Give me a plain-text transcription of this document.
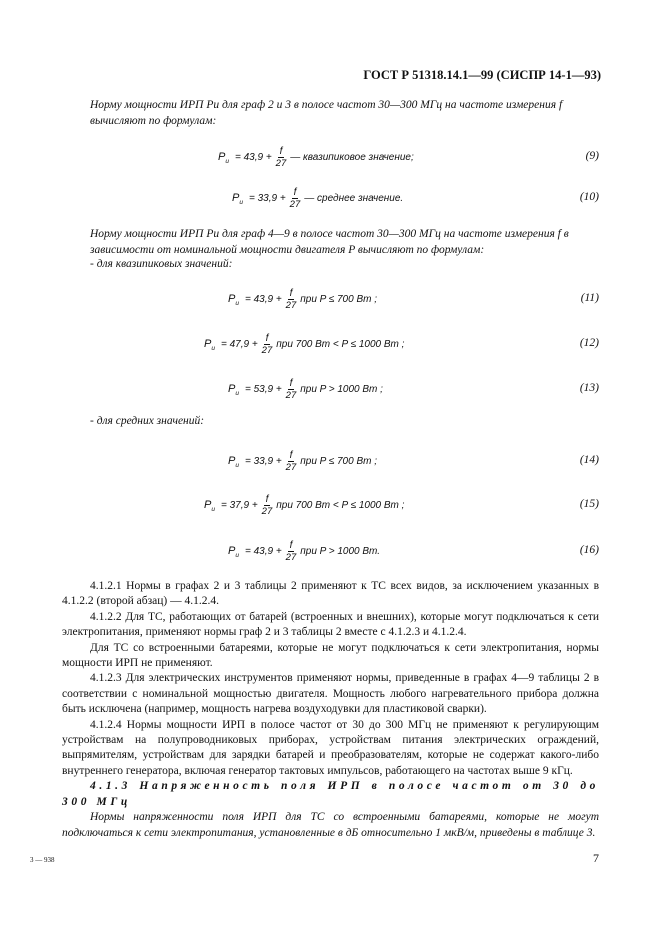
ГОСТ Р 51318.14.1—99 (СИСПР 14-1—93)
Норму мощности ИРП Pи для граф 2 и 3 в полосе частот 30—300 МГц на частоте измерения f вычисляют по формулам:
$P_и = 43,9 + \frac{f}{27}$ — квазипиковое значение;	(9)
$P_и = 33,9 + \frac{f}{27}$ — среднее значение.	(10)
Норму мощности ИРП Pи для граф 4—9 в полосе частот 30—300 МГц на частоте измерения f в зависимости от номинальной мощности двигателя P вычисляют по формулам:
- для квазипиковых значений:
$P_и = 43,9 + \frac{f}{27}$ при P ≤ 700 Вт ;	(11)
$P_и = 47,9 + \frac{f}{27}$ при 700 Вт < P ≤ 1000 Вт ;	(12)
$P_и = 53,9 + \frac{f}{27}$ при P > 1000 Вт ;	(13)
- для средних значений:
$P_и = 33,9 + \frac{f}{27}$ при P ≤ 700 Вт ;	(14)
$P_и = 37,9 + \frac{f}{27}$ при 700 Вт < P ≤ 1000 Вт ;	(15)
$P_и = 43,9 + \frac{f}{27}$ при P > 1000 Вт.	(16)

4.1.2.1 Нормы в графах 2 и 3 таблицы 2 применяют к ТС всех видов, за исключением указанных в 4.1.2.2 (второй абзац) — 4.1.2.4.

4.1.2.2 Для ТС, работающих от батарей (встроенных и внешних), которые могут подключаться к сети электропитания, применяют нормы граф 2 и 3 таблицы 2 вместе с 4.1.2.3 и 4.1.2.4.

Для ТС со встроенными батареями, которые не могут подключаться к сети электропитания, нормы мощности ИРП не применяют.

4.1.2.3 Для электрических инструментов применяют нормы, приведенные в графах 4—9 таблицы 2 в соответствии с номинальной мощностью двигателя. Мощность любого нагревательного прибора должна быть исключена (например, мощность нагрева воздуходувки для пластиковой сварки).

4.1.2.4 Нормы мощности ИРП в полосе частот от 30 до 300 МГц не применяют к регулирующим устройствам на полупроводниковых приборах, устройствам питания электрических ограждений, выпрямителям, устройствам для зарядки батарей и преобразователям, которые не содержат какого-либо внутреннего генератора, включая генератор тактовых импульсов, работающего на частотах выше 9 кГц.

4.1.3 Напряженность поля ИРП в полосе частот от 30 до 300 МГц

Нормы напряженности поля ИРП для ТС со встроенными батареями, которые не могут подключаться к сети электропитания, установленные в дБ относительно 1 мкВ/м, приведены в таблице 3.

3 — 938	7
